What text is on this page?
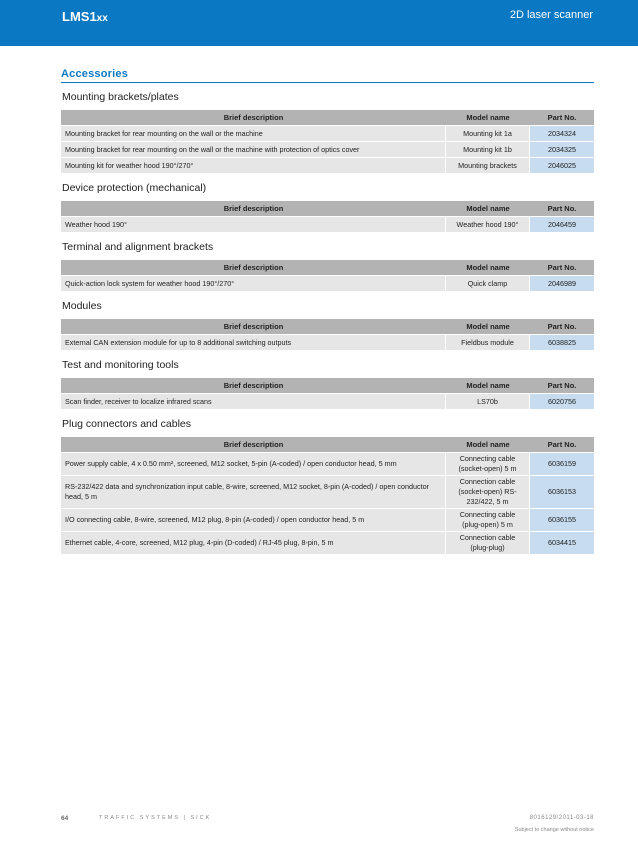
LMS1xx	2D laser scanner
Accessories
Mounting brackets/plates
Brief description	Model name	Part No.
Mounting bracket for rear mounting on the wall or the machine	Mounting kit 1a	2034324
Mounting bracket for rear mounting on the wall or the machine with protection of optics cover	Mounting kit 1b	2034325
Mounting kit for weather hood 190°/270°	Mounting brackets	2046025
Device protection (mechanical)
Brief description	Model name	Part No.
Weather hood 190°	Weather hood 190°	2046459
Terminal and alignment brackets
Brief description	Model name	Part No.
Quick-action lock system for weather hood 190°/270°	Quick clamp	2046989
Modules
Brief description	Model name	Part No.
External CAN extension module for up to 8 additional switching outputs	Fieldbus module	6038825
Test and monitoring tools
Brief description	Model name	Part No.
Scan finder, receiver to localize infrared scans	LS70b	6020756
Plug connectors and cables
Brief description	Model name	Part No.
Power supply cable, 4 x 0.50 mm², screened, M12 socket, 5-pin (A-coded) / open conductor head, 5 mm	Connecting cable (socket-open) 5 m	6036159
RS-232/422 data and synchronization input cable, 8-wire, screened, M12 socket, 8-pin (A-coded) / open conductor head, 5 m	Connection cable (socket-open) RS-232/422, 5 m	6036153
I/O connecting cable, 8-wire, screened, M12 plug, 8-pin (A-coded) / open conductor head, 5 m	Connecting cable (plug-open) 5 m	6036155
Ethernet cable, 4-core, screened, M12 plug, 4-pin (D-coded) / RJ-45 plug, 8-pin, 5 m	Connection cable (plug-plug)	6034415
64	TRAFFIC SYSTEMS | SICK	8016129/2011-03-18
Subject to change without notice
